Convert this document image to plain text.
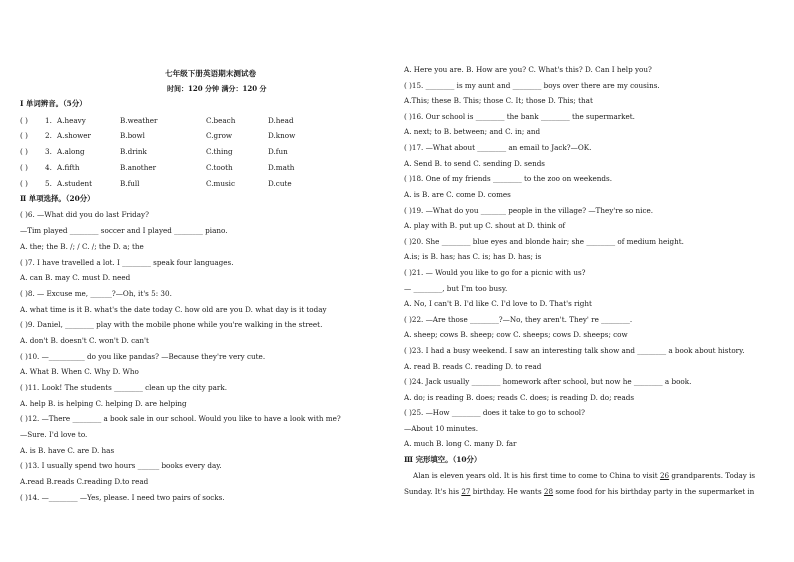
七年级下册英语期末测试卷
时间：120 分钟 满分：120 分
Ⅰ 单词辨音。（5分）
( ) 1. A.heavy	B.weather	C.beach	D.head
( ) 2. A.shower	B.bowl	C.grow	D.know
( ) 3. A.along	B.drink	C.thing	D.fun
( ) 4. A.fifth	B.another	C.tooth	D.math
( ) 5. A.student	B.full	C.music	D.cute
Ⅱ 单项选择。（20分）
( )6. —What did you do last Friday?
—Tim played ________ soccer and I played ________ piano.
A. the; the B. /; / C. /; the D. a; the
( )7. I have travelled a lot. I ________ speak four languages.
A. can B. may C. must D. need
( )8. — Excuse me, ______?—Oh, it's 5: 30.
A. what time is it B. what's the date today C. how old are you D. what day is it today
( )9. Daniel, ________ play with the mobile phone while you're walking in the street.
A. don't B. doesn't C. won't D. can't
( )10. —__________ do you like pandas? —Because they're very cute.
A. What B. When C. Why D. Who
( )11. Look! The students ________ clean up the city park.
A. help B. is helping C. helping D. are helping
( )12. —There ________ a book sale in our school. Would you like to have a look with me?
—Sure. I'd love to.
A. is B. have C. are D. has
( )13. I usually spend two hours ______ books every day.
A.read B.reads C.reading D.to read
( )14. —________ —Yes, please. I need two pairs of socks.
A. Here you are. B. How are you? C. What's this? D. Can I help you?
( )15. ________ is my aunt and ________ boys over there are my cousins.
A.This; these B. This; those C. It; those D. This; that
( )16. Our school is ________ the bank ________ the supermarket.
A. next; to B. between; and C. in; and
( )17. —What about ________ an email to Jack?—OK.
A. Send B. to send C. sending D. sends
( )18. One of my friends ________ to the zoo on weekends.
A. is B. are C. come D. comes
( )19. —What do you _______ people in the village? —They're so nice.
A. play with B. put up C. shout at D. think of
( )20. She ________ blue eyes and blonde hair; she ________ of medium height.
A.is; is B. has; has C. is; has D. has; is
( )21. — Would you like to go for a picnic with us?
— ________, but I'm too busy.
A. No, I can't B. I'd like C. I'd love to D. That's right
( )22. —Are those ________?—No, they aren't. They' re ________.
A. sheep; cows B. sheep; cow C. sheeps; cows D. sheeps; cow
( )23. I had a busy weekend. I saw an interesting talk show and ________ a book about history.
A. read B. reads C. reading D. to read
( )24. Jack usually ________ homework after school, but now he ________ a book.
A. do; is reading B. does; reads C. does; is reading D. do; reads
( )25. —How ________ does it take to go to school?
—About 10 minutes.
A. much B. long C. many D. far
Ⅲ 完形填空。（10分）
Alan is eleven years old. It is his first time to come to China to visit 26 grandparents. Today is
Sunday. It's his 27 birthday. He wants 28 some food for his birthday party in the supermarket in
